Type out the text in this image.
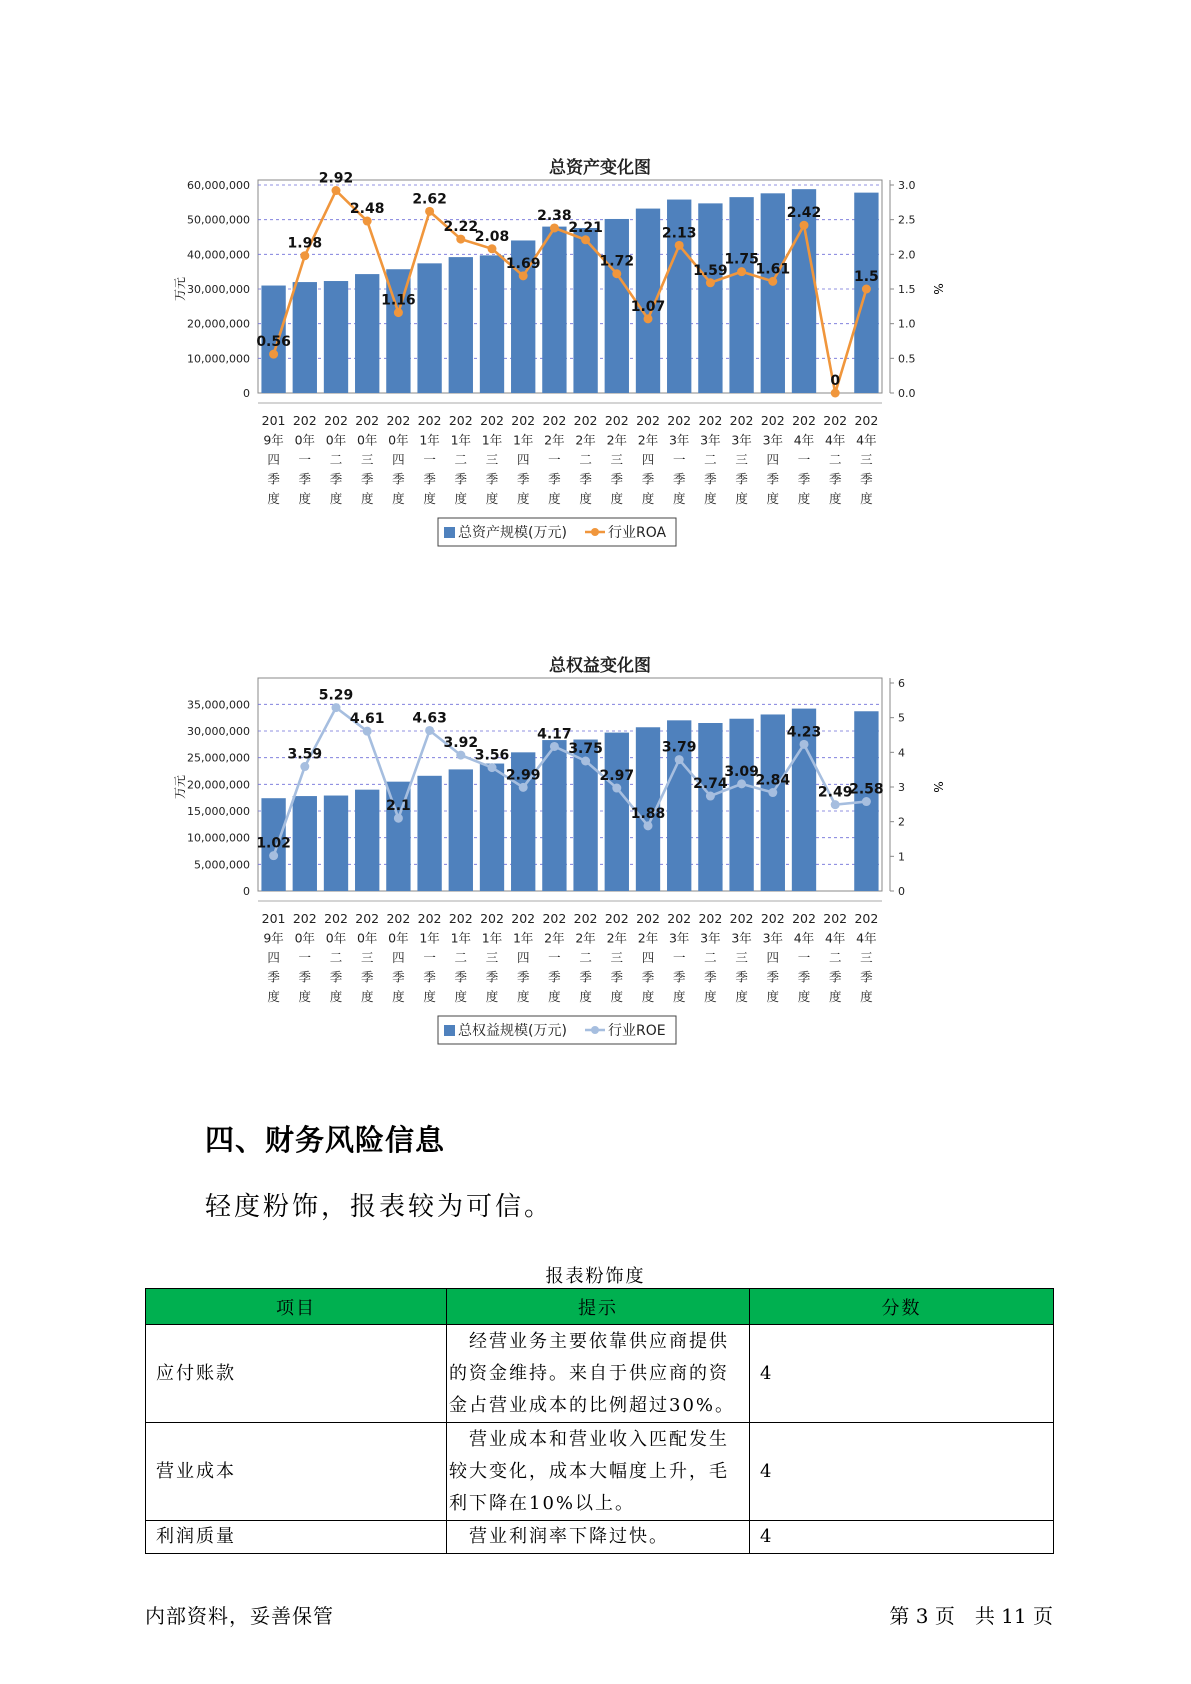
总资产变化图
0
10,000,000
20,000,000
30,000,000
40,000,000
50,000,000
60,000,000
0.0
0.5
1.0
1.5
2.0
2.5
3.0
万元	%
0.56
1.98
2.92
2.48
1.16
2.62
2.22
2.08
1.69
2.38
2.21
1.72
1.07
2.13
1.59
1.75
1.61
2.42
0
1.5
201 9年四季度
202 0年一季度
202 0年二季度
202 0年三季度
202 0年四季度
202 1年一季度
202 1年二季度
202 1年三季度
202 1年四季度
202 2年一季度
202 2年二季度
202 2年三季度
202 2年四季度
202 3年一季度
202 3年二季度
202 3年三季度
202 3年四季度
202 4年一季度
202 4年二季度
202 4年三季度
总资产规模(万元)	行业ROA
总权益变化图
0
5,000,000
10,000,000
15,000,000
20,000,000
25,000,000
30,000,000
35,000,000
0
1
2
3
4
5
6
万元	%
1.02
3.59
5.29
4.61
2.1
4.63
3.92
3.56
2.99
4.17
3.75
2.97
1.88
3.79
2.74
3.09
2.84
4.23
2.49
2.58
201 9年四季度
202 0年一季度
202 0年二季度
202 0年三季度
202 0年四季度
202 1年一季度
202 1年二季度
202 1年三季度
202 1年四季度
202 2年一季度
202 2年二季度
202 2年三季度
202 2年四季度
202 3年一季度
202 3年二季度
202 3年三季度
202 3年四季度
202 4年一季度
202 4年二季度
202 4年三季度
总权益规模(万元)	行业ROE
四、财务风险信息
轻度粉饰，报表较为可信。
报表粉饰度
项目	提示	分数
应付账款	　经营业务主要依靠供应商提供的资金维持。来自于供应商的资金占营业成本的比例超过30%。	4
营业成本	　营业成本和营业收入匹配发生较大变化，成本大幅度上升，毛利下降在10%以上。	4
利润质量	　营业利润率下降过快。	4
内部资料，妥善保管	第 3 页　共 11 页
